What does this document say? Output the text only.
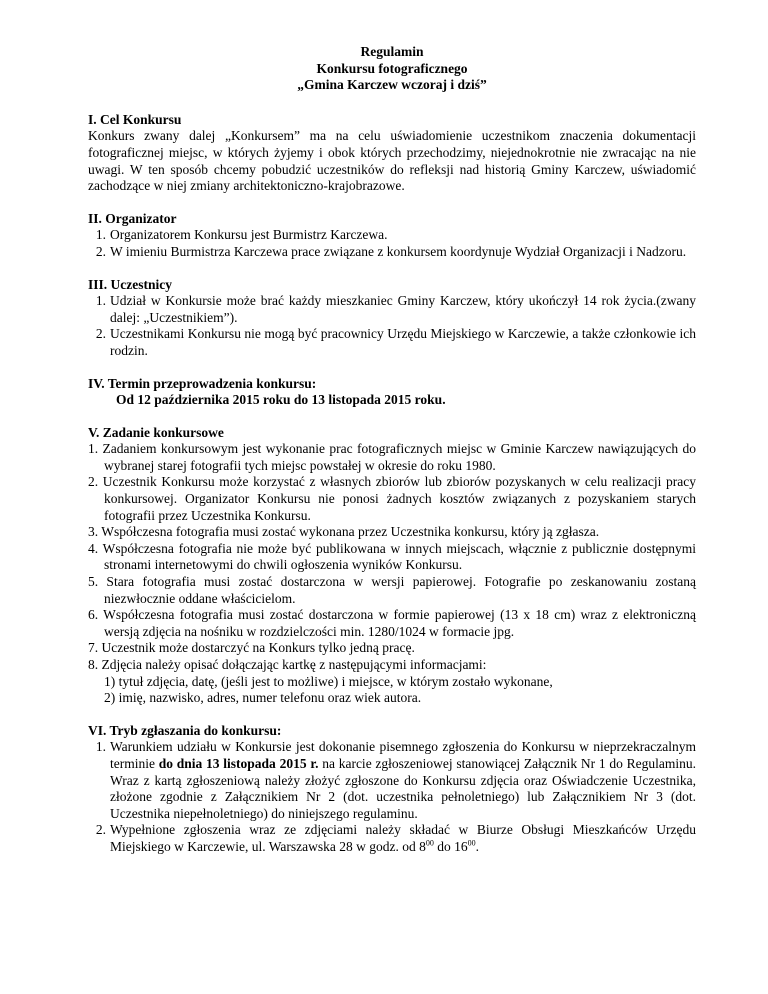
Regulamin
Konkursu fotograficznego
„Gmina Karczew wczoraj i dziś”
I. Cel Konkursu
Konkurs zwany dalej „Konkursem” ma na celu uświadomienie uczestnikom znaczenia dokumentacji fotograficznej miejsc, w których żyjemy i obok których przechodzimy, niejednokrotnie nie zwracając na nie uwagi. W ten sposób chcemy pobudzić uczestników do refleksji nad historią Gminy Karczew, uświadomić zachodzące w niej zmiany architektoniczno-krajobrazowe.
II. Organizator
1. Organizatorem Konkursu jest Burmistrz Karczewa.
2. W imieniu Burmistrza Karczewa prace związane z konkursem koordynuje Wydział Organizacji i Nadzoru.
III. Uczestnicy
1. Udział w Konkursie może brać każdy mieszkaniec Gminy Karczew, który ukończył 14 rok życia.(zwany dalej: „Uczestnikiem”).
2. Uczestnikami Konkursu nie mogą być pracownicy Urzędu Miejskiego w Karczewie, a także członkowie ich rodzin.
IV. Termin przeprowadzenia konkursu:
Od 12 października 2015 roku do 13 listopada 2015 roku.
V. Zadanie konkursowe
1. Zadaniem konkursowym jest wykonanie prac fotograficznych miejsc w Gminie Karczew nawiązujących do wybranej starej fotografii tych miejsc powstałej w okresie do roku 1980.
2. Uczestnik Konkursu może korzystać z własnych zbiorów lub zbiorów pozyskanych w celu realizacji pracy konkursowej. Organizator Konkursu nie ponosi żadnych kosztów związanych z pozyskaniem starych fotografii przez Uczestnika Konkursu.
3. Współczesna fotografia musi zostać wykonana przez Uczestnika konkursu, który ją zgłasza.
4. Współczesna fotografia nie może być publikowana w innych miejscach, włącznie z publicznie dostępnymi stronami internetowymi do chwili ogłoszenia wyników Konkursu.
5. Stara fotografia musi zostać dostarczona w wersji papierowej. Fotografie po zeskanowaniu zostaną niezwłocznie oddane właścicielom.
6. Współczesna fotografia musi zostać dostarczona w formie papierowej (13 x 18 cm) wraz z elektroniczną wersją zdjęcia na nośniku w rozdzielczości min. 1280/1024 w formacie jpg.
7. Uczestnik może dostarczyć na Konkurs tylko jedną pracę.
8. Zdjęcia należy opisać dołączając kartkę z następującymi informacjami:
1) tytuł zdjęcia, datę, (jeśli jest to możliwe) i miejsce, w którym zostało wykonane,
2) imię, nazwisko, adres, numer telefonu oraz wiek autora.
VI. Tryb zgłaszania do konkursu:
1. Warunkiem udziału w Konkursie jest dokonanie pisemnego zgłoszenia do Konkursu w nieprzekraczalnym terminie do dnia 13 listopada 2015 r. na karcie zgłoszeniowej stanowiącej Załącznik Nr 1 do Regulaminu. Wraz z kartą zgłoszeniową należy złożyć zgłoszone do Konkursu zdjęcia oraz Oświadczenie Uczestnika, złożone zgodnie z Załącznikiem Nr 2 (dot. uczestnika pełnoletniego) lub Załącznikiem Nr 3 (dot. Uczestnika niepełnoletniego) do niniejszego regulaminu.
2. Wypełnione zgłoszenia wraz ze zdjęciami należy składać w Biurze Obsługi Mieszkańców Urzędu Miejskiego w Karczewie, ul. Warszawska 28 w godz. od $8^{00}$ do $16^{00}$.
